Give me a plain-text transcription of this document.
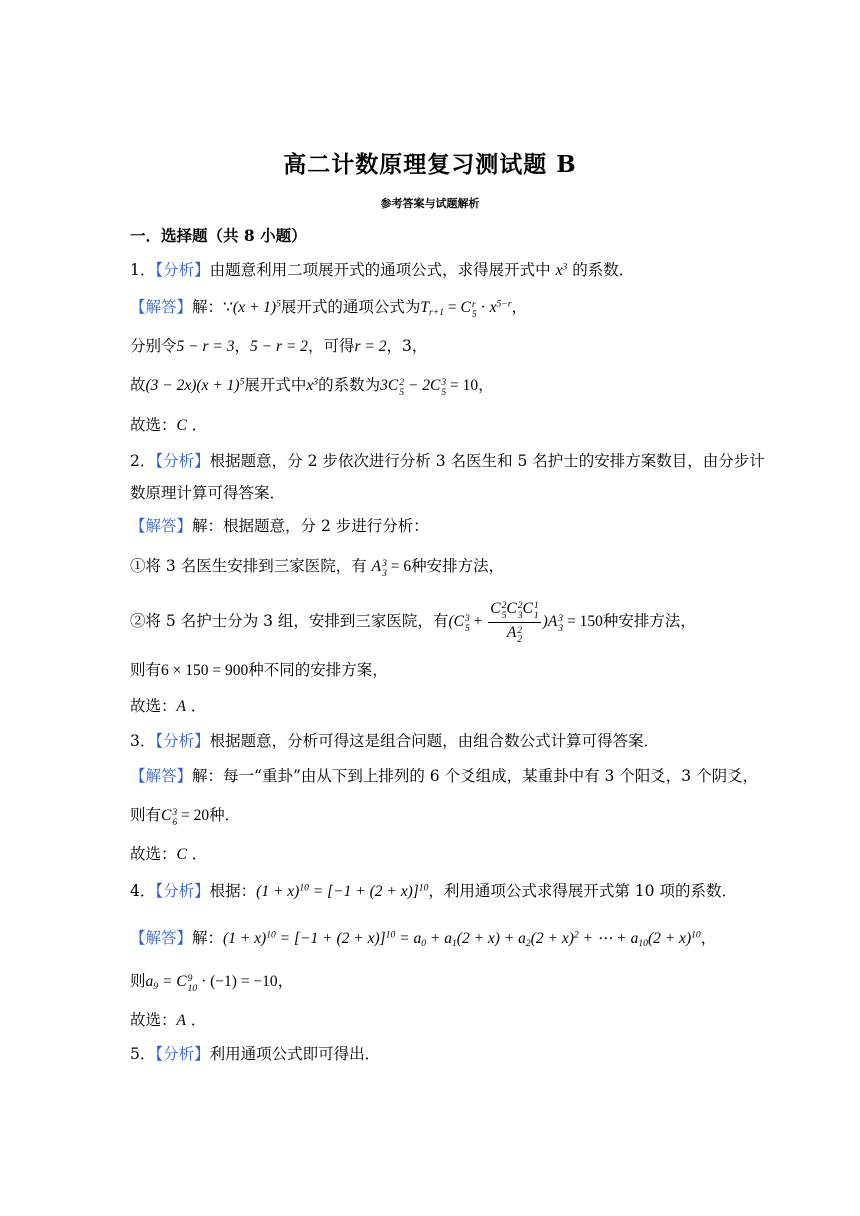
高二计数原理复习测试题 B
参考答案与试题解析
一．选择题（共 8 小题）
1．【分析】由题意利用二项展开式的通项公式，求得展开式中 $x^3$ 的系数．
【解答】解：∵(x + 1)$^5$展开式的通项公式为$T_{r+1} = C$ r
$5 \cdot x^{5-r}$，
分别令5 − r = 3，5 − r = 2，可得r = 2，3，
故$(3 - 2x)(x + 1)^5$展开式中$x^3$的系数为3C 2
5 − 2C 3
5 = 10，
故选：C ．
2．【分析】根据题意，分 2 步依次进行分析 3 名医生和 5 名护士的安排方案数目，由分步计
数原理计算可得答案．
【解答】解：根据题意，分 2 步进行分析：
①将 3 名医生安排到三家医院，有 A 3
3 = 6种安排方法，
②将 5 名护士分为 3 组，安排到三家医院，有(C 3
5 + C 2
5 C 2
3 C 1
1
A 2
2 )A 3
3 = 150种安排方法，
则有6 × 150 = 900种不同的安排方案，
故选：A ．
3．【分析】根据题意，分析可得这是组合问题，由组合数公式计算可得答案．
【解答】解：每一“重卦”由从下到上排列的 6 个爻组成，某重卦中有 3 个阳爻，3 个阴爻，
则有C 3
6 = 20种．
故选：C ．
4．【分析】根据：$(1 + x)^{10} = [-1 + (2 + x)]^{10}$，利用通项公式求得展开式第 10 项的系数．
【解答】解：$(1 + x)^{10} = [-1 + (2 + x)]^{10} = a_0 + a_1(2 + x) + a_2(2 + x)^2$ + ⋯ + $a_{10}(2 + x)^{10}$，
则$a_9 = C$ 9
10 · (−1) = −10，
故选：A ．
5．【分析】利用通项公式即可得出．
